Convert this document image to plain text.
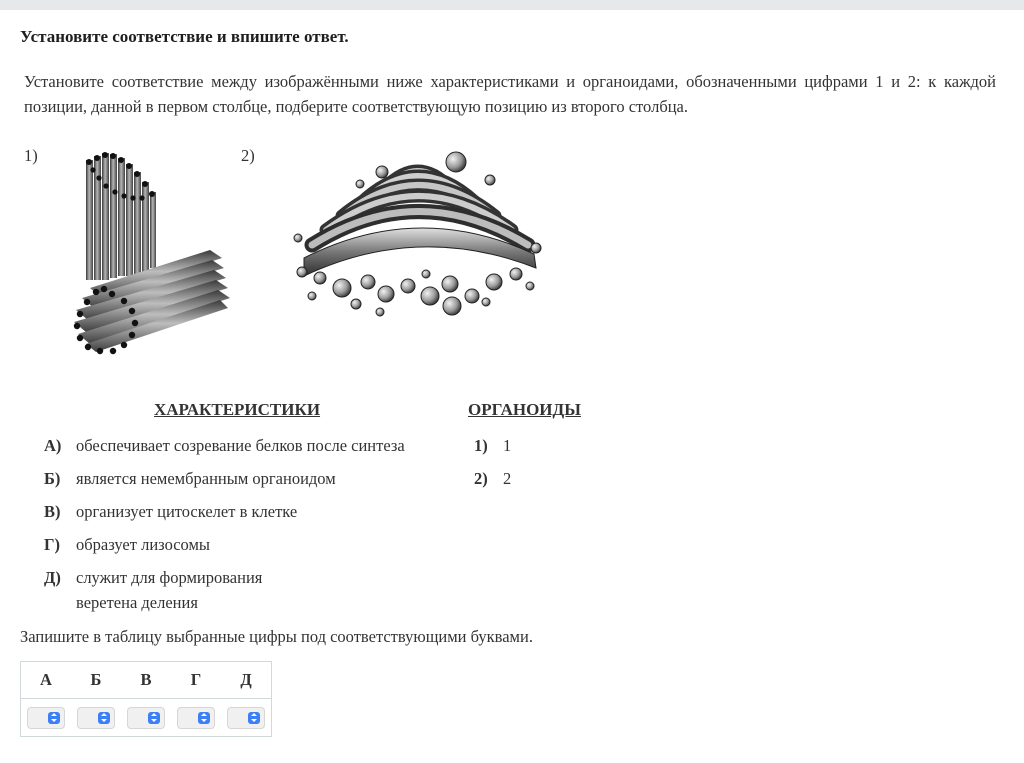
Установите соответствие и впишите ответ.
Установите соответствие между изображёнными ниже характеристиками и органоидами, обозначенными цифрами 1 и 2: к каждой позиции, данной в первом столбце, подберите соответствующую позицию из второго столбца.
1)	2)
ХАРАКТЕРИСТИКИ	ОРГАНОИДЫ
А) обеспечивает созревание белков после синтеза
Б) является немембранным органоидом
В) организует цитоскелет в клетке
Г) образует лизосомы
Д) служит для формирования
веретена деления
1) 1
2) 2
Запишите в таблицу выбранные цифры под соответствующими буквами.
А	Б	В	Г	Д
